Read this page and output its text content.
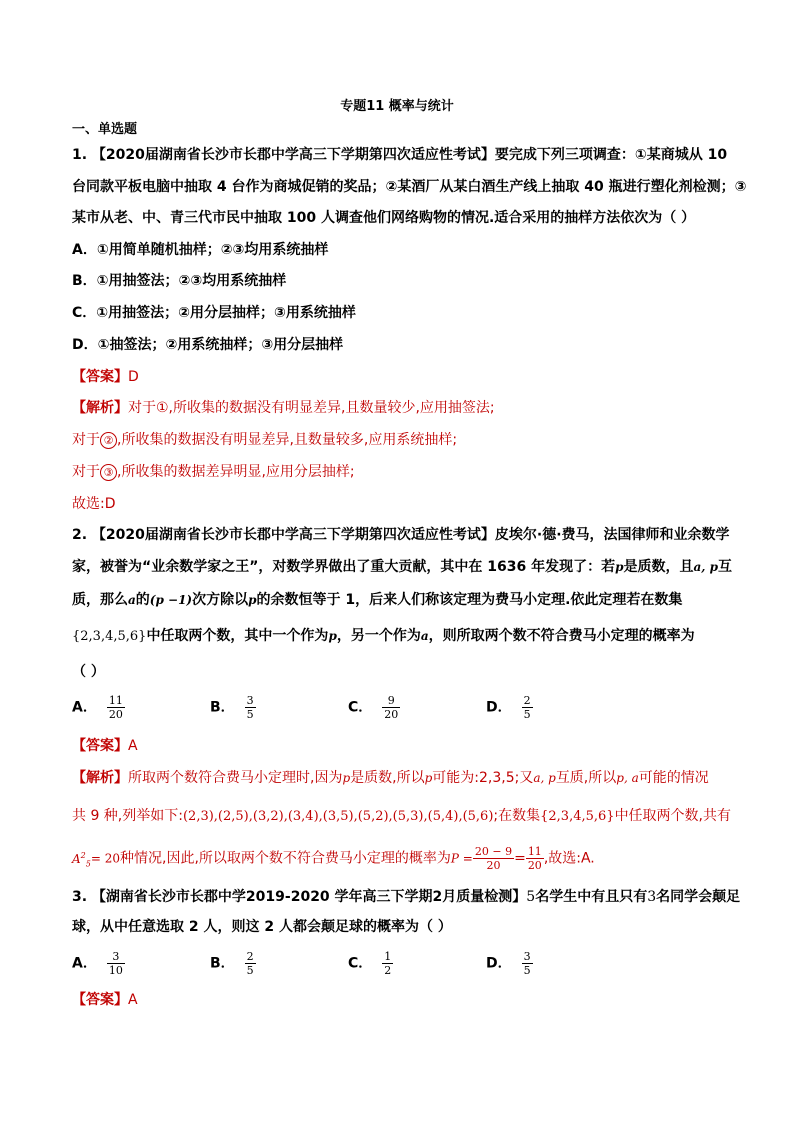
专题11 概率与统计
一、单选题
1. 【2020届湖南省长沙市长郡中学高三下学期第四次适应性考试】要完成下列三项调查：①某商城从 10
台同款平板电脑中抽取 4 台作为商城促销的奖品；②某酒厂从某白酒生产线上抽取 40 瓶进行塑化剂检测；③
某市从老、中、青三代市民中抽取 100 人调查他们网络购物的情况.适合采用的抽样方法依次为（ ）
A．①用简单随机抽样；②③均用系统抽样
B．①用抽签法；②③均用系统抽样
C．①用抽签法；②用分层抽样；③用系统抽样
D．①抽签法；②用系统抽样；③用分层抽样
【答案】D
【解析】对于①,所收集的数据没有明显差异,且数量较少,应用抽签法;
对于 ② ,所收集的数据没有明显差异,且数量较多,应用系统抽样;
对于 ③ ,所收集的数据差异明显,应用分层抽样;
故选:D
2. 【2020届湖南省长沙市长郡中学高三下学期第四次适应性考试】皮埃尔·德·费马，法国律师和业余数学
家，被誉为“业余数学家之王”，对数学界做出了重大贡献，其中在 1636 年发现了：若p是质数，且a, p互
质，那么a的(p −1)次方除以p的余数恒等于 1，后来人们称该定理为费马小定理.依此定理若在数集
{2,3,4,5,6}中任取两个数，其中一个作为p，另一个作为a，则所取两个数不符合费马小定理的概率为
（ ）
A． $\frac{11}{20}$	B． $\frac{3}{5}$	C． $\frac{9}{20}$	D． $\frac{2}{5}$
【答案】A
【解析】所取两个数符合费马小定理时,因为p是质数,所以p可能为:2,3,5;又a, p互质,所以p, a可能的情况
共 9 种,列举如下:(2,3),(2,5),(3,2),(3,4),(3,5),(5,2),(5,3),(5,4),(5,6);在数集{2,3,4,5,6}中任取两个数,共有
$A^2_5= 20$种情况,因此,所以取两个数不符合费马小定理的概率为$P = \frac{20 - 9}{20} = \frac{11}{20}$ ,故选:A.
3. 【湖南省长沙市长郡中学2019-2020 学年高三下学期2月质量检测】5名学生中有且只有3名同学会颠足
球，从中任意选取 2 人，则这 2 人都会颠足球的概率为（ ）
A． $\frac{3}{10}$	B． $\frac{2}{5}$	C． $\frac{1}{2}$	D． $\frac{3}{5}$
【答案】A
